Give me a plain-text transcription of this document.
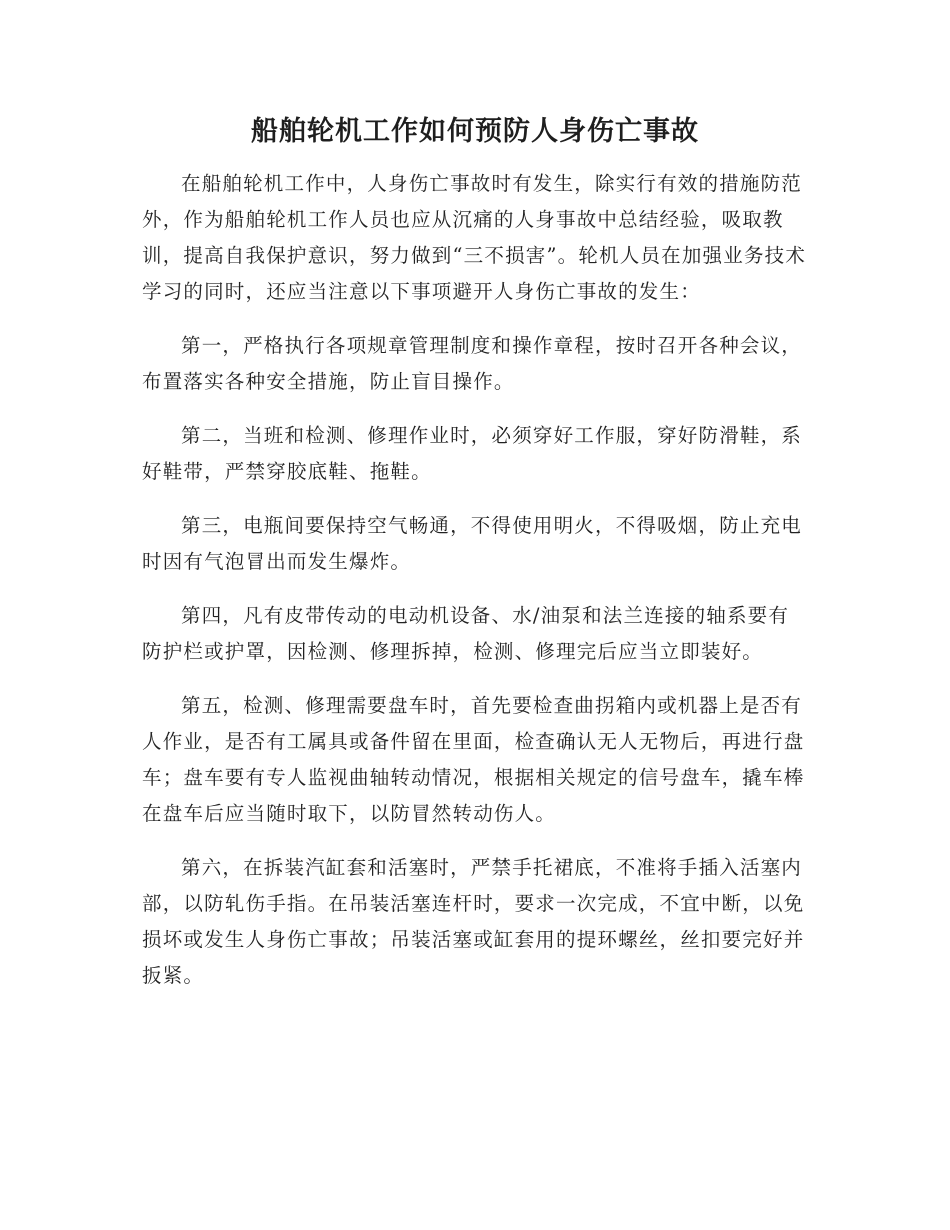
船舶轮机工作如何预防人身伤亡事故

在船舶轮机工作中，人身伤亡事故时有发生，除实行有效的措施防范外，作为船舶轮机工作人员也应从沉痛的人身事故中总结经验，吸取教训，提高自我保护意识，努力做到“三不损害”。轮机人员在加强业务技术学习的同时，还应当注意以下事项避开人身伤亡事故的发生：

第一，严格执行各项规章管理制度和操作章程，按时召开各种会议，布置落实各种安全措施，防止盲目操作。

第二，当班和检测、修理作业时，必须穿好工作服，穿好防滑鞋，系好鞋带，严禁穿胶底鞋、拖鞋。

第三，电瓶间要保持空气畅通，不得使用明火，不得吸烟，防止充电时因有气泡冒出而发生爆炸。

第四，凡有皮带传动的电动机设备、水/油泵和法兰连接的轴系要有防护栏或护罩，因检测、修理拆掉，检测、修理完后应当立即装好。

第五，检测、修理需要盘车时，首先要检查曲拐箱内或机器上是否有人作业，是否有工属具或备件留在里面，检查确认无人无物后，再进行盘车；盘车要有专人监视曲轴转动情况，根据相关规定的信号盘车，撬车棒在盘车后应当随时取下，以防冒然转动伤人。

第六，在拆装汽缸套和活塞时，严禁手托裙底，不准将手插入活塞内部，以防轧伤手指。在吊装活塞连杆时，要求一次完成，不宜中断，以免损坏或发生人身伤亡事故；吊装活塞或缸套用的提环螺丝，丝扣要完好并扳紧。
